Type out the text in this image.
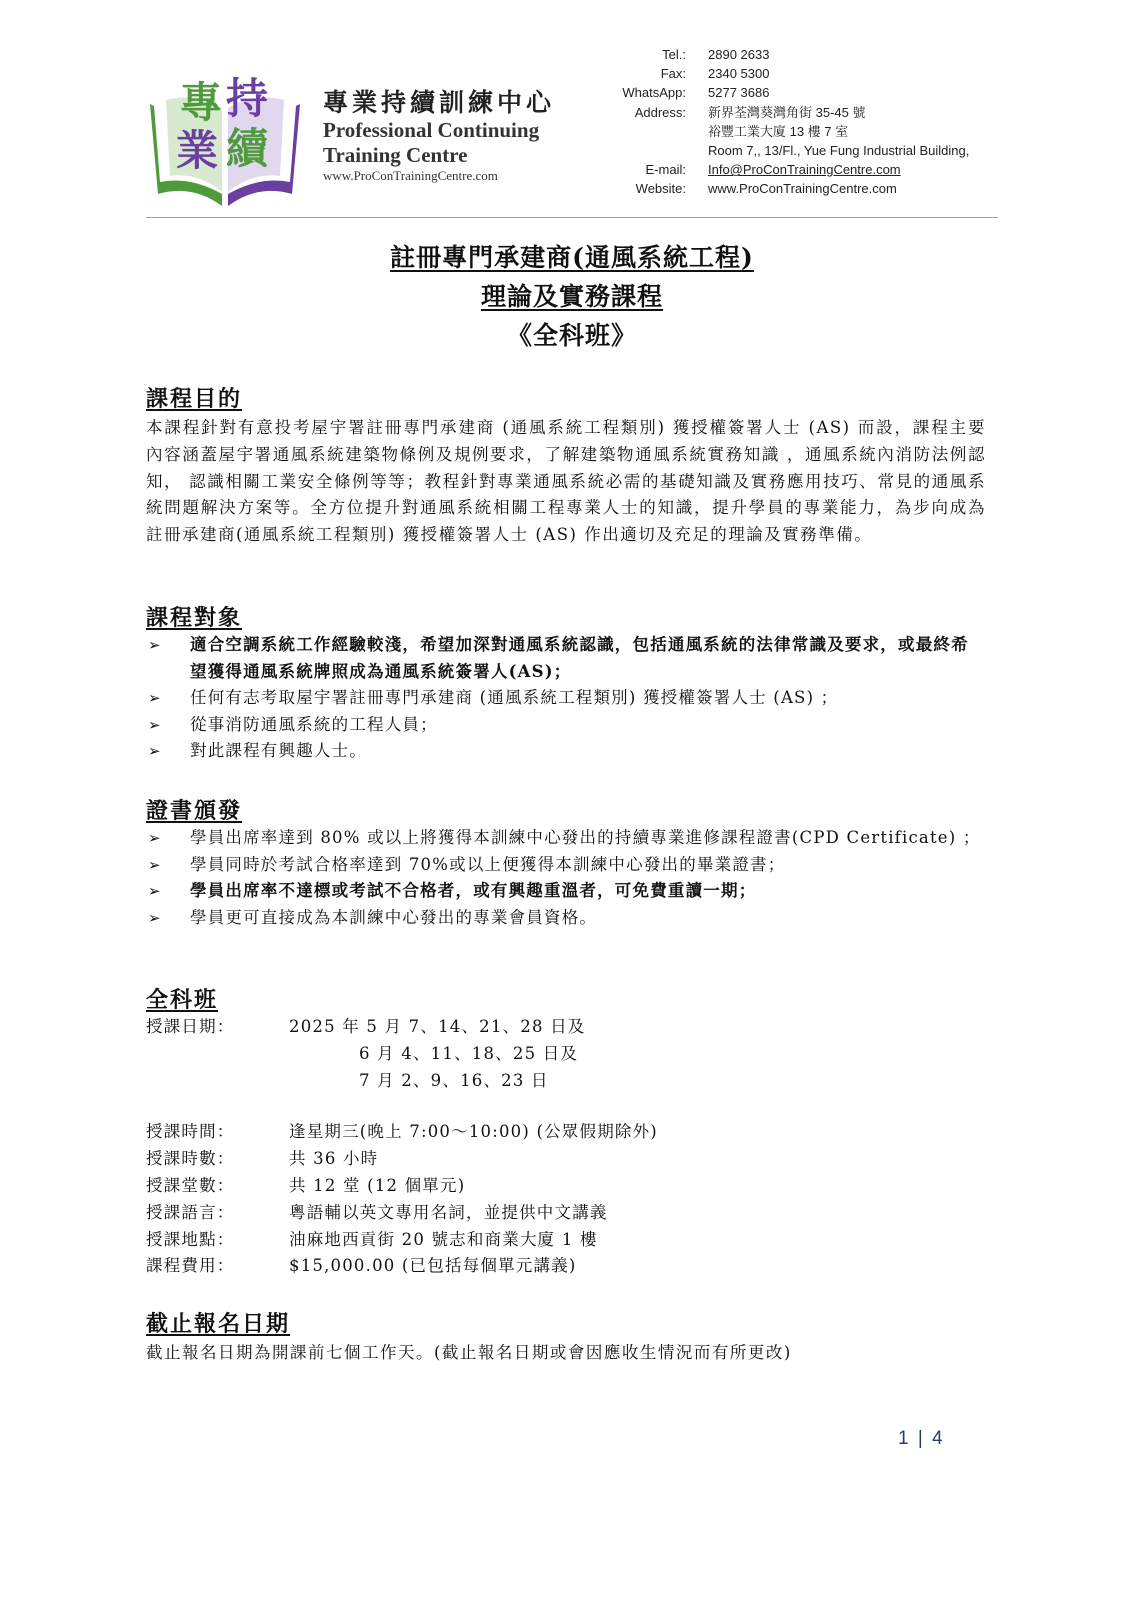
專 持
業 續
專業持續訓練中心
Professional Continuing
Training Centre
www.ProConTrainingCentre.com
Tel.:	2890 2633
Fax:	2340 5300
WhatsApp:	5277 3686
Address:	新界荃灣葵灣角街 35-45 號
裕豐工業大廈 13 樓 7 室
Room 7,, 13/Fl., Yue Fung Industrial Building,
E-mail:	Info@ProConTrainingCentre.com
Website:	www.ProConTrainingCentre.com
註冊專門承建商(通風系統工程)
理論及實務課程
《全科班》
課程目的
本課程針對有意投考屋宇署註冊專門承建商 (通風系統工程類別) 獲授權簽署人士 (AS) 而設，課程主要內容涵蓋屋宇署通風系統建築物條例及規例要求，了解建築物通風系統實務知識 ，通風系統內消防法例認知， 認識相關工業安全條例等等；教程針對專業通風系統必需的基礎知識及實務應用技巧、常見的通風系統問題解決方案等。全方位提升對通風系統相關工程專業人士的知識，提升學員的專業能力，為步向成為註冊承建商(通風系統工程類別) 獲授權簽署人士 (AS) 作出適切及充足的理論及實務準備。
課程對象
➢ 適合空調系統工作經驗較淺，希望加深對通風系統認識，包括通風系統的法律常識及要求，或最終希望獲得通風系統牌照成為通風系統簽署人(AS)；
➢ 任何有志考取屋宇署註冊專門承建商 (通風系統工程類別) 獲授權簽署人士 (AS) ；
➢ 從事消防通風系統的工程人員；
➢ 對此課程有興趣人士。
證書頒發
➢ 學員出席率達到 80% 或以上將獲得本訓練中心發出的持續專業進修課程證書(CPD Certificate) ；
➢ 學員同時於考試合格率達到 70%或以上便獲得本訓練中心發出的畢業證書；
➢ 學員出席率不達標或考試不合格者，或有興趣重溫者，可免費重讀一期；
➢ 學員更可直接成為本訓練中心發出的專業會員資格。
全科班
授課日期：	2025 年 5 月 7、14、21、28 日及
6 月 4、11、18、25 日及
7 月 2、9、16、23 日
授課時間：	逢星期三(晚上 7:00～10:00) (公眾假期除外)
授課時數：	共 36 小時
授課堂數：	共 12 堂 (12 個單元)
授課語言：	粵語輔以英文專用名詞，並提供中文講義
授課地點：	油麻地西貢街 20 號志和商業大廈 1 樓
課程費用：	$15,000.00 (已包括每個單元講義)
截止報名日期
截止報名日期為開課前七個工作天。(截止報名日期或會因應收生情況而有所更改)
1 | 4
